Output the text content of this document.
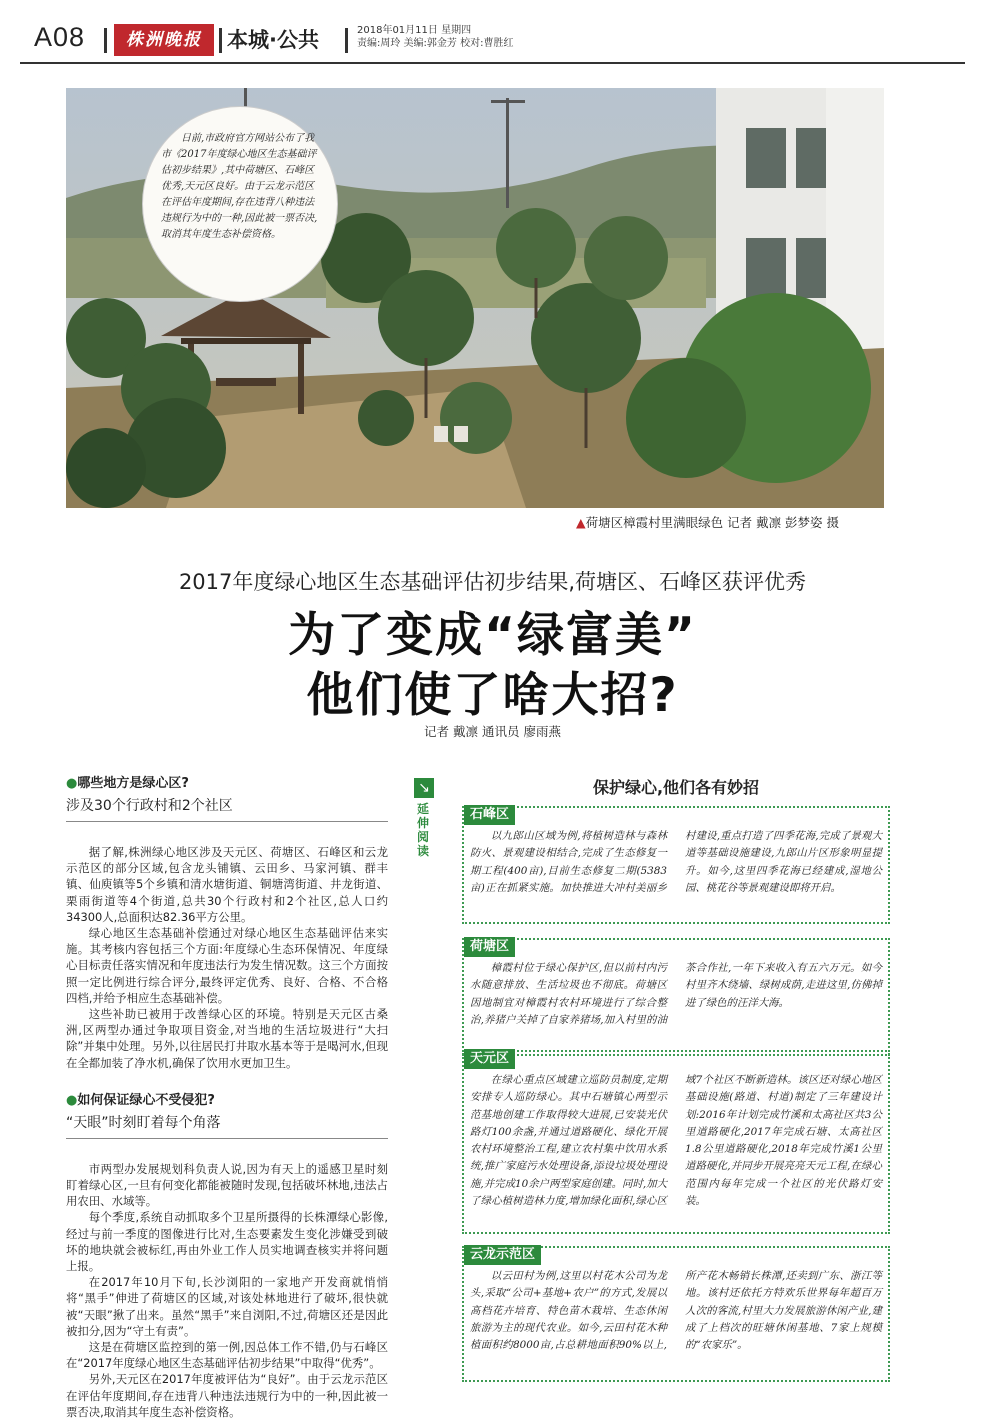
A08	株洲晚报	本城·公共	2018年01月11日 星期四
责编:周玲 美编:郭金芳 校对:曹胜红

日前,市政府官方网站公布了我市《2017年度绿心地区生态基础评估初步结果》,其中荷塘区、石峰区优秀,天元区良好。由于云龙示范区在评估年度期间,存在违背八种违法违规行为中的一种,因此被一票否决,取消其年度生态补偿资格。

▲荷塘区樟霞村里满眼绿色 记者 戴凛 彭梦姿 摄
2017年度绿心地区生态基础评估初步结果,荷塘区、石峰区获评优秀
为了变成“绿富美”
他们使了啥大招?
记者 戴凛 通讯员 廖雨燕
●哪些地方是绿心区?
涉及30个行政村和2个社区

据了解,株洲绿心地区涉及天元区、荷塘区、石峰区和云龙示范区的部分区域,包含龙头铺镇、云田乡、马家河镇、群丰镇、仙庾镇等5个乡镇和清水塘街道、铜塘湾街道、井龙街道、栗雨街道等4个街道,总共30个行政村和2个社区,总人口约34300人,总面积达82.36平方公里。

绿心地区生态基础补偿通过对绿心地区生态基础评估来实施。其考核内容包括三个方面:年度绿心生态环保情况、年度绿心目标责任落实情况和年度违法行为发生情况数。这三个方面按照一定比例进行综合评分,最终评定优秀、良好、合格、不合格四档,并给予相应生态基础补偿。

这些补助已被用于改善绿心区的环境。特别是天元区古桑洲,区两型办通过争取项目资金,对当地的生活垃圾进行“大扫除”并集中处理。另外,以往居民打井取水基本等于是喝河水,但现在全都加装了净水机,确保了饮用水更加卫生。

●如何保证绿心不受侵犯?
“天眼”时刻盯着每个角落

市两型办发展规划科负责人说,因为有天上的遥感卫星时刻盯着绿心区,一旦有何变化都能被随时发现,包括破坏林地,违法占用农田、水域等。

每个季度,系统自动抓取多个卫星所摄得的长株潭绿心影像,经过与前一季度的图像进行比对,生态要素发生变化涉嫌受到破坏的地块就会被标红,再由外业工作人员实地调查核实并将问题上报。

在2017年10月下旬,长沙浏阳的一家地产开发商就悄悄将“黑手”伸进了荷塘区的区域,对该处林地进行了破坏,很快就被“天眼”揪了出来。虽然“黑手”来自浏阳,不过,荷塘区还是因此被扣分,因为“守土有责”。

这是在荷塘区监控到的第一例,因总体工作不错,仍与石峰区在“2017年度绿心地区生态基础评估初步结果”中取得“优秀”。

另外,天元区在2017年度被评估为“良好”。由于云龙示范区在评估年度期间,存在违背八种违法违规行为中的一种,因此被一票否决,取消其年度生态补偿资格。

↘
延伸阅读
保护绿心,他们各有妙招
石峰区
以九郎山区域为例,将植树造林与森林防火、景观建设相结合,完成了生态修复一期工程(400亩),目前生态修复二期(5383亩)正在抓紧实施。加快推进大冲村美丽乡村建设,重点打造了四季花海,完成了景观大道等基础设施建设,九郎山片区形象明显提升。如今,这里四季花海已经建成,湿地公园、桃花谷等景观建设即将开启。
荷塘区
樟霞村位于绿心保护区,但以前村内污水随意排放、生活垃圾也不彻底。荷塘区因地制宜对樟霞村农村环境进行了综合整治,养猪户关掉了自家养猪场,加入村里的油茶合作社,一年下来收入有五六万元。如今村里齐木绕墙、绿树成荫,走进这里,仿佛掉进了绿色的汪洋大海。
天元区
在绿心重点区域建立巡防员制度,定期安排专人巡防绿心。其中石塘镇心两型示范基地创建工作取得较大进展,已安装光伏路灯100余盏,并通过道路硬化、绿化开展农村环境整治工程,建立农村集中饮用水系统,推广家庭污水处理设备,添设垃圾处理设施,并完成10余户两型家庭创建。同时,加大了绿心植树造林力度,增加绿化面积,绿心区域7个社区不断新造林。该区还对绿心地区基础设施(路道、村道)制定了三年建设计划:2016年计划完成竹溪和太高社区共3公里道路硬化,2017年完成石塘、太高社区1.8公里道路硬化,2018年完成竹溪1公里道路硬化,并同步开展亮亮天元工程,在绿心范围内每年完成一个社区的光伏路灯安装。
云龙示范区
以云田村为例,这里以村花木公司为龙头,采取“公司+基地+农户”的方式,发展以高档花卉培育、特色苗木栽培、生态休闲旅游为主的现代农业。如今,云田村花木种植面积约8000亩,占总耕地面积90%以上,所产花木畅销长株潭,还卖到广东、浙江等地。该村还依托方特欢乐世界每年超百万人次的客流,村里大力发展旅游休闲产业,建成了上档次的旺塘休闲基地、7家上规模的“农家乐”。
